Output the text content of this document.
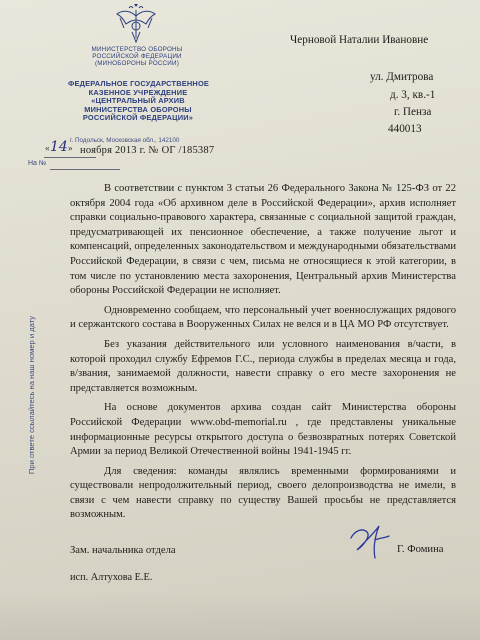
МИНИСТЕРСТВО ОБОРОНЫ
РОССИЙСКОЙ ФЕДЕРАЦИИ
(МИНОБОРОНЫ РОССИИ)
ФЕДЕРАЛЬНОЕ ГОСУДАРСТВЕННОЕ
КАЗЕННОЕ УЧРЕЖДЕНИЕ
«ЦЕНТРАЛЬНЫЙ АРХИВ
МИНИСТЕРСТВА ОБОРОНЫ
РОССИЙСКОЙ ФЕДЕРАЦИИ»
г. Подольск, Московская обл., 142100
« 14 » ноября 2013 г. № ОГ /185387
На №
Черновой Наталии Ивановне
ул. Дмитрова
д. 3, кв.-1
г. Пенза
440013
При ответе ссылайтесь на наш номер и дату

В соответствии с пунктом 3 статьи 26 Федерального Закона № 125-ФЗ от 22 октября 2004 года «Об архивном деле в Российской Федерации», архив исполняет справки социально-правового характера, связанные с социальной защитой граждан, предусматривающей их пенсионное обеспечение, а также получение льгот и компенсаций, определенных законодательством и международными обязательствами Российской Федерации, в связи с чем, письма не относящиеся к этой категории, в том числе по установлению места захоронения, Центральный архив Министерства обороны Российской Федерации не исполняет.

Одновременно сообщаем, что персональный учет военнослужащих рядового и сержантского состава в Вооруженных Силах не велся и в ЦА МО РФ отсутствует.

Без указания действительного или условного наименования в/части, в которой проходил службу Ефремов Г.С., периода службы в пределах месяца и года, в/звания, занимаемой должности, навести справку о его месте захоронения не представляется возможным.

На основе документов архива создан сайт Министерства обороны Российской Федерации www.obd-memorial.ru , где представлены уникальные информационные ресурсы открытого доступа о безвозвратных потерях Советской Армии за период Великой Отечественной войны 1941-1945 гг.

Для сведения: команды являлись временными формированиями и существовали непродолжительный период, своего делопроизводства не имели, в связи с чем навести справку по существу Вашей просьбы не представляется возможным.

Зам. начальника отдела	Г. Фомина
исп. Алтухова Е.Е.
